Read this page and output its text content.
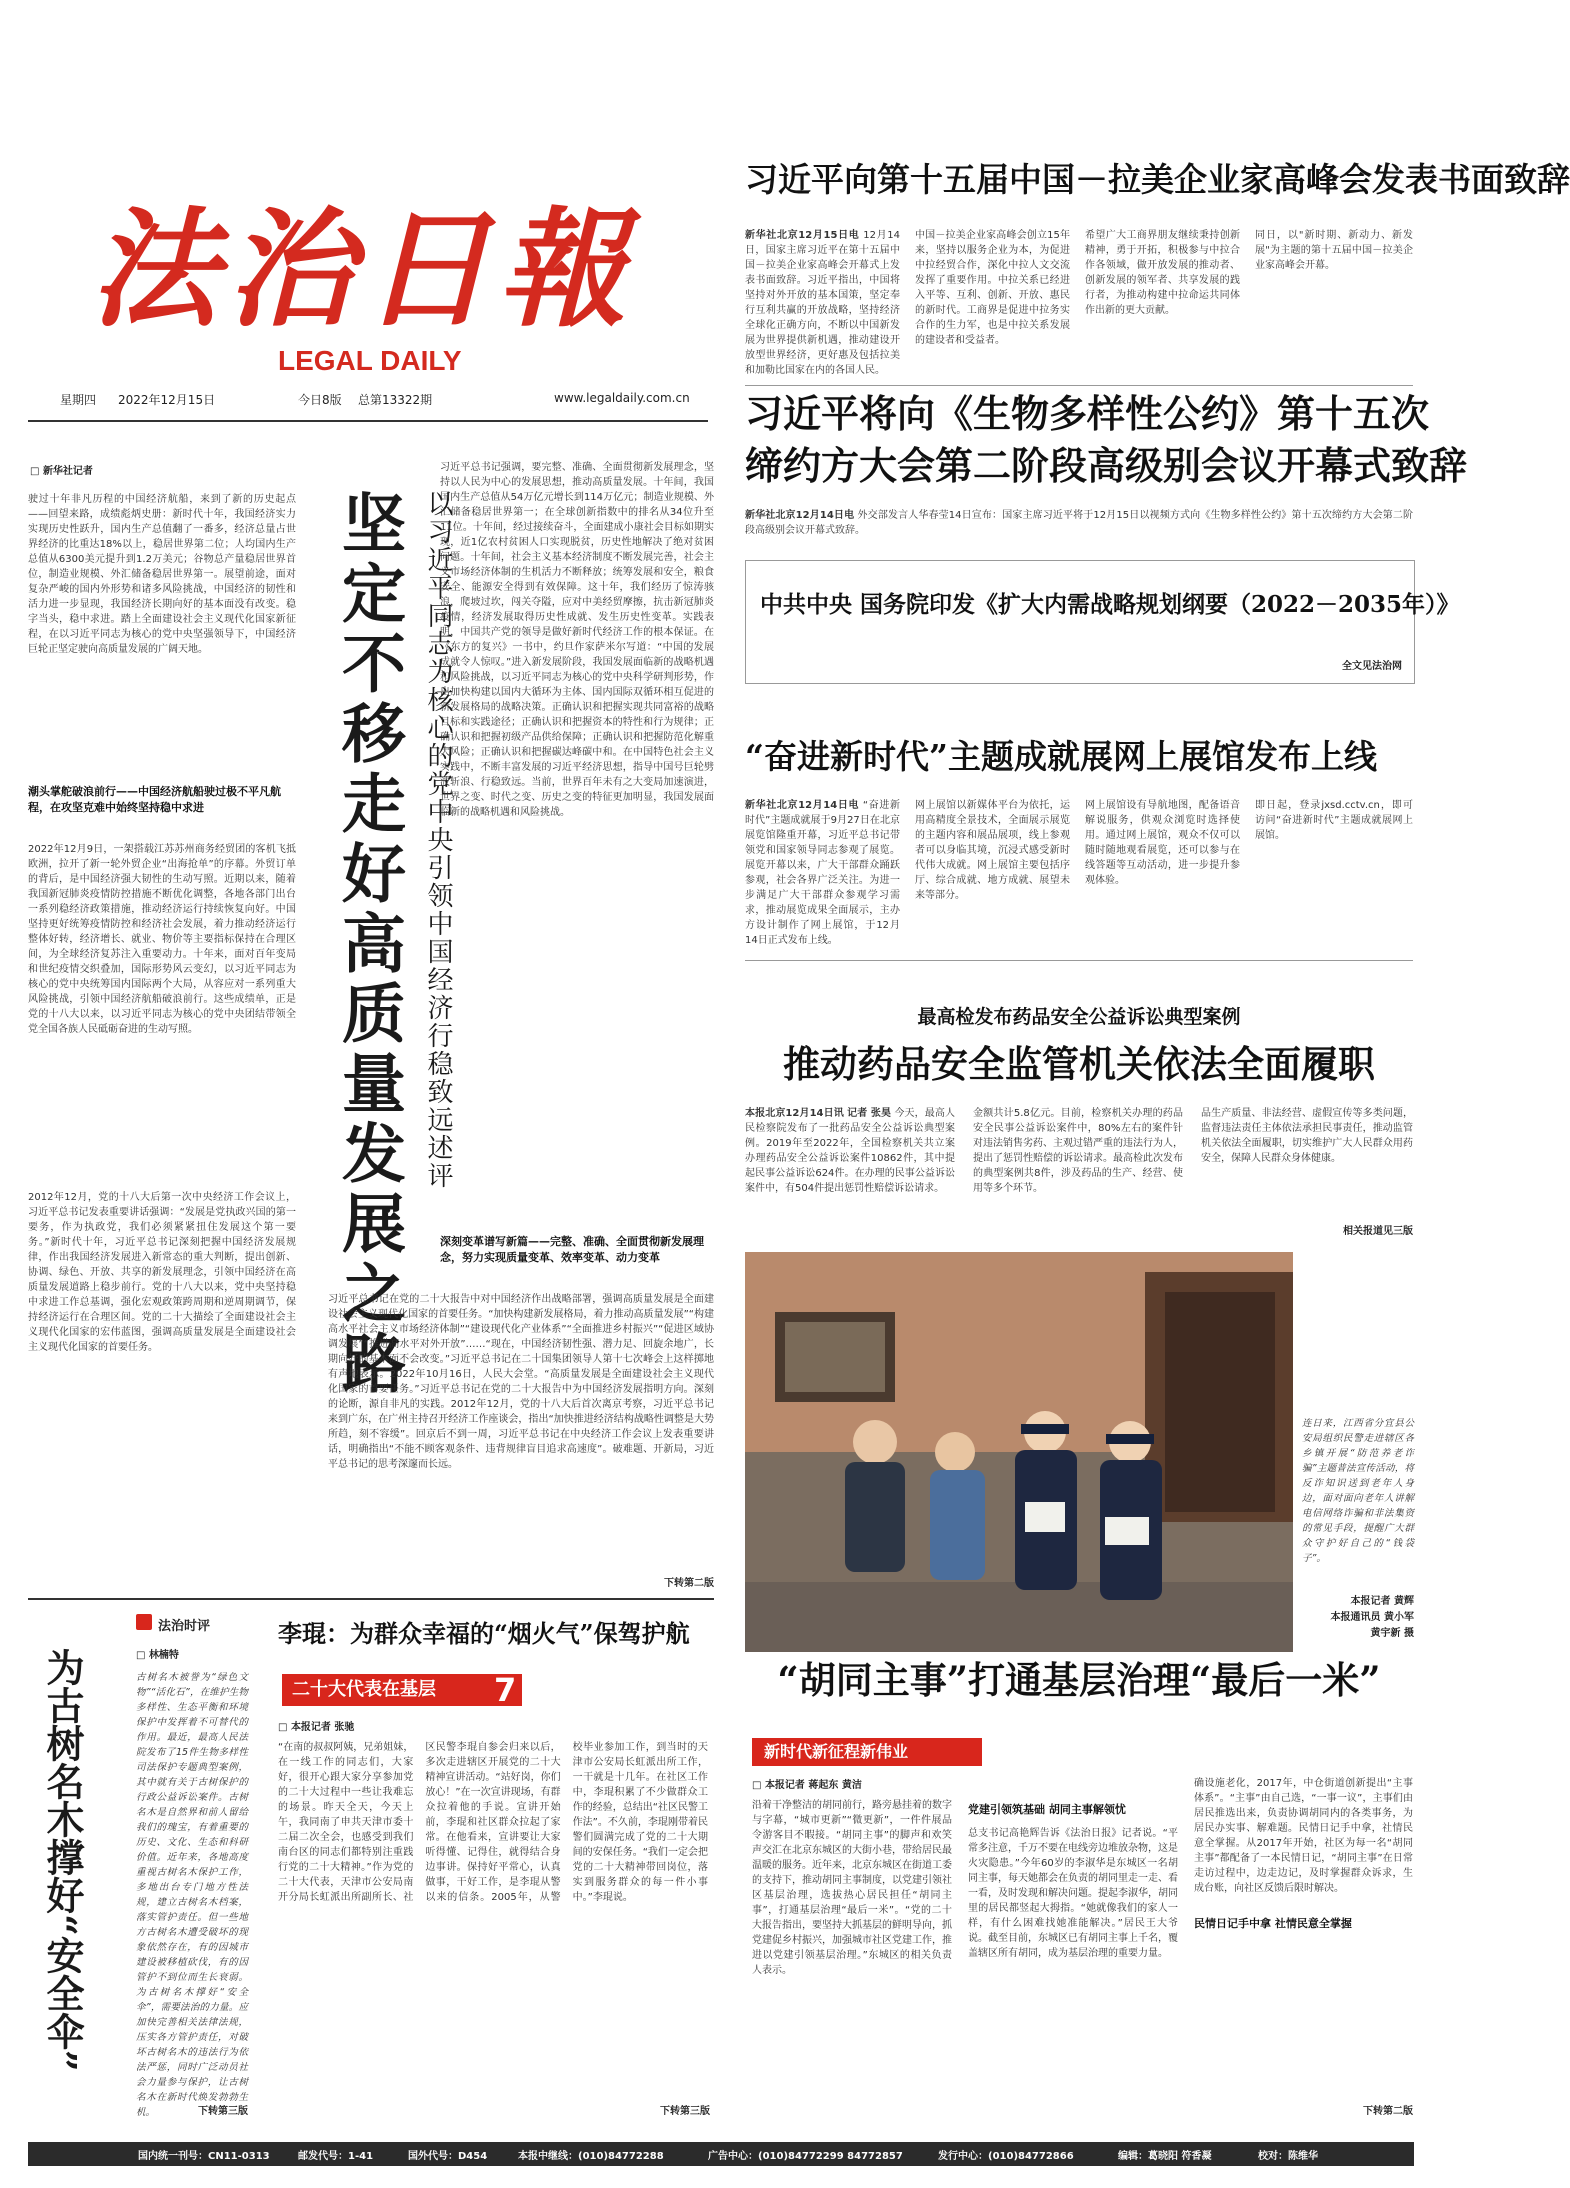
法治日報
LEGAL DAILY
星期四 2022年12月15日	今日8版 总第13322期	www.legaldaily.com.cn
习近平向第十五届中国－拉美企业家高峰会发表书面致辞
新华社北京12月15日电 12月14日，国家主席习近平在第十五届中国－拉美企业家高峰会开幕式上发表书面致辞。习近平指出，中国将坚持对外开放的基本国策，坚定奉行互利共赢的开放战略，坚持经济全球化正确方向，不断以中国新发展为世界提供新机遇，推动建设开放型世界经济，更好惠及包括拉美和加勒比国家在内的各国人民。
中国－拉美企业家高峰会创立15年来，坚持以服务企业为本，为促进中拉经贸合作，深化中拉人文交流发挥了重要作用。中拉关系已经进入平等、互利、创新、开放、惠民的新时代。工商界是促进中拉务实合作的生力军，也是中拉关系发展的建设者和受益者。
希望广大工商界朋友继续秉持创新精神，勇于开拓，积极参与中拉合作各领域，做开放发展的推动者、创新发展的领军者、共享发展的践行者，为推动构建中拉命运共同体作出新的更大贡献。
同日，以"新时期、新动力、新发展"为主题的第十五届中国－拉美企业家高峰会开幕。
习近平将向《生物多样性公约》第十五次
缔约方大会第二阶段高级别会议开幕式致辞
新华社北京12月14日电 外交部发言人华春莹14日宣布：国家主席习近平将于12月15日以视频方式向《生物多样性公约》第十五次缔约方大会第二阶段高级别会议开幕式致辞。
中共中央 国务院印发《扩大内需战略规划纲要（2022－2035年）》
全文见法治网
“奋进新时代”主题成就展网上展馆发布上线
新华社北京12月14日电 “奋进新时代”主题成就展于9月27日在北京展览馆隆重开幕，习近平总书记带领党和国家领导同志参观了展览。展览开幕以来，广大干部群众踊跃参观，社会各界广泛关注。为进一步满足广大干部群众参观学习需求，推动展览成果全面展示，主办方设计制作了网上展馆，于12月14日正式发布上线。
网上展馆以新媒体平台为依托，运用高精度全景技术，全面展示展览的主题内容和展品展项，线上参观者可以身临其境，沉浸式感受新时代伟大成就。网上展馆主要包括序厅、综合成就、地方成就、展望未来等部分。
网上展馆设有导航地图，配备语音解说服务，供观众浏览时选择使用。通过网上展馆，观众不仅可以随时随地观看展览，还可以参与在线答题等互动活动，进一步提升参观体验。
即日起，登录jxsd.cctv.cn，即可访问“奋进新时代”主题成就展网上展馆。
最高检发布药品安全公益诉讼典型案例
推动药品安全监管机关依法全面履职
本报北京12月14日讯 记者 张昊 今天，最高人民检察院发布了一批药品安全公益诉讼典型案例。2019年至2022年，全国检察机关共立案办理药品安全公益诉讼案件10862件，其中提起民事公益诉讼624件。在办理的民事公益诉讼案件中，有504件提出惩罚性赔偿诉讼请求。
金额共计5.8亿元。目前，检察机关办理的药品安全民事公益诉讼案件中，80%左右的案件针对违法销售劣药、主观过错严重的违法行为人，提出了惩罚性赔偿的诉讼请求。最高检此次发布的典型案例共8件，涉及药品的生产、经营、使用等多个环节。
品生产质量、非法经营、虚假宣传等多类问题，监督违法责任主体依法承担民事责任，推动监管机关依法全面履职，切实维护广大人民群众用药安全，保障人民群众身体健康。
相关报道见三版
连日来，江西省分宜县公安局组织民警走进辖区各乡镇开展“防范养老诈骗”主题普法宣传活动，将反诈知识送到老年人身边，面对面向老年人讲解电信网络诈骗和非法集资的常见手段，提醒广大群众守护好自己的“钱袋子”。
本报记者 黄辉
本报通讯员 黄小军
黄宇新 摄
□ 新华社记者
驶过十年非凡历程的中国经济航船，来到了新的历史起点——回望来路，成绩彪炳史册：新时代十年，我国经济实力实现历史性跃升，国内生产总值翻了一番多，经济总量占世界经济的比重达18%以上，稳居世界第二位；人均国内生产总值从6300美元提升到1.2万美元；谷物总产量稳居世界首位，制造业规模、外汇储备稳居世界第一。展望前途，面对复杂严峻的国内外形势和诸多风险挑战，中国经济的韧性和活力进一步显现，我国经济长期向好的基本面没有改变。稳字当头，稳中求进。踏上全面建设社会主义现代化国家新征程，在以习近平同志为核心的党中央坚强领导下，中国经济巨轮正坚定驶向高质量发展的广阔天地。
潮头掌舵破浪前行——中国经济航船驶过极不平凡航程，在攻坚克难中始终坚持稳中求进
2022年12月9日，一架搭载江苏苏州商务经贸团的客机飞抵欧洲，拉开了新一轮外贸企业“出海抢单”的序幕。外贸订单的背后，是中国经济强大韧性的生动写照。近期以来，随着我国新冠肺炎疫情防控措施不断优化调整，各地各部门出台一系列稳经济政策措施，推动经济运行持续恢复向好。中国坚持更好统筹疫情防控和经济社会发展，着力推动经济运行整体好转，经济增长、就业、物价等主要指标保持在合理区间，为全球经济复苏注入重要动力。十年来，面对百年变局和世纪疫情交织叠加，国际形势风云变幻，以习近平同志为核心的党中央统筹国内国际两个大局，从容应对一系列重大风险挑战，引领中国经济航船破浪前行。这些成绩单，正是党的十八大以来，以习近平同志为核心的党中央团结带领全党全国各族人民砥砺奋进的生动写照。
2012年12月，党的十八大后第一次中央经济工作会议上，习近平总书记发表重要讲话强调：“发展是党执政兴国的第一要务，作为执政党，我们必须紧紧扭住发展这个第一要务。”新时代十年，习近平总书记深刻把握中国经济发展规律，作出我国经济发展进入新常态的重大判断，提出创新、协调、绿色、开放、共享的新发展理念，引领中国经济在高质量发展道路上稳步前行。党的十八大以来，党中央坚持稳中求进工作总基调，强化宏观政策跨周期和逆周期调节，保持经济运行在合理区间。党的二十大描绘了全面建设社会主义现代化国家的宏伟蓝图，强调高质量发展是全面建设社会主义现代化国家的首要任务。	坚定不移走好高质量发展之路 以习近平同志为核心的党中央引领中国经济行稳致远述评
习近平总书记强调，要完整、准确、全面贯彻新发展理念，坚持以人民为中心的发展思想，推动高质量发展。十年间，我国国内生产总值从54万亿元增长到114万亿元；制造业规模、外汇储备稳居世界第一；在全球创新指数中的排名从34位升至11位。十年间，经过接续奋斗，全面建成小康社会目标如期实现，近1亿农村贫困人口实现脱贫，历史性地解决了绝对贫困问题。十年间，社会主义基本经济制度不断发展完善，社会主义市场经济体制的生机活力不断释放；统筹发展和安全，粮食安全、能源安全得到有效保障。这十年，我们经历了惊涛骇浪，爬坡过坎，闯关夺隘，应对中美经贸摩擦，抗击新冠肺炎疫情，经济发展取得历史性成就、发生历史性变革。实践表明，中国共产党的领导是做好新时代经济工作的根本保证。在《东方的复兴》一书中，约旦作家萨米尔写道：“中国的发展成就令人惊叹。”进入新发展阶段，我国发展面临新的战略机遇和风险挑战，以习近平同志为核心的党中央科学研判形势，作出加快构建以国内大循环为主体、国内国际双循环相互促进的新发展格局的战略决策。正确认识和把握实现共同富裕的战略目标和实践途径；正确认识和把握资本的特性和行为规律；正确认识和把握初级产品供给保障；正确认识和把握防范化解重大风险；正确认识和把握碳达峰碳中和。在中国特色社会主义实践中，不断丰富发展的习近平经济思想，指导中国号巨轮劈波斩浪、行稳致远。当前，世界百年未有之大变局加速演进，世界之变、时代之变、历史之变的特征更加明显，我国发展面临新的战略机遇和风险挑战。
深刻变革谱写新篇——完整、准确、全面贯彻新发展理念，努力实现质量变革、效率变革、动力变革
习近平总书记在党的二十大报告中对中国经济作出战略部署，强调高质量发展是全面建设社会主义现代化国家的首要任务。“加快构建新发展格局，着力推动高质量发展”“构建高水平社会主义市场经济体制”“建设现代化产业体系”“全面推进乡村振兴”“促进区域协调发展”“推进高水平对外开放”……“现在，中国经济韧性强、潜力足、回旋余地广，长期向好的基本面不会改变。”习近平总书记在二十国集团领导人第十七次峰会上这样掷地有声地表示。2022年10月16日，人民大会堂。“高质量发展是全面建设社会主义现代化国家的首要任务。”习近平总书记在党的二十大报告中为中国经济发展指明方向。深刻的论断，源自非凡的实践。2012年12月，党的十八大后首次离京考察，习近平总书记来到广东，在广州主持召开经济工作座谈会，指出“加快推进经济结构战略性调整是大势所趋，刻不容缓”。回京后不到一周，习近平总书记在中央经济工作会议上发表重要讲话，明确指出“不能不顾客观条件、违背规律盲目追求高速度”。破难题、开新局，习近平总书记的思考深邃而长远。
下转第二版
法治时评
为古树名木撑好“安全伞”	□ 林楠特
古树名木被誉为“绿色文物”“活化石”，在维护生物多样性、生态平衡和环境保护中发挥着不可替代的作用。最近，最高人民法院发布了15件生物多样性司法保护专题典型案例，其中就有关于古树保护的行政公益诉讼案件。古树名木是自然界和前人留给我们的瑰宝，有着重要的历史、文化、生态和科研价值。近年来，各地高度重视古树名木保护工作，多地出台专门地方性法规，建立古树名木档案，落实管护责任。但一些地方古树名木遭受破坏的现象依然存在，有的因城市建设被移植砍伐，有的因管护不到位而生长衰弱。为古树名木撑好“安全伞”，需要法治的力量。应加快完善相关法律法规，压实各方管护责任，对破坏古树名木的违法行为依法严惩，同时广泛动员社会力量参与保护，让古树名木在新时代焕发勃勃生机。	下转第三版
李琨：为群众幸福的“烟火气”保驾护航
二十大代表在基层 7
□ 本报记者 张驰
“在南的叔叔阿姨，兄弟姐妹，在一线工作的同志们，大家好，很开心跟大家分享参加党的二十大过程中一些让我难忘的场景。昨天全天，今天上午，我同南了申共天津市委十二届二次全会，也感受到我们南台区的同志们都特别注重践行党的二十大精神。”作为党的二十大代表，天津市公安局南开分局长虹派出所副所长、社区民警李琨自参会归来以后，多次走进辖区开展党的二十大精神宣讲活动。“站好岗，你们放心！”在一次宣讲现场，有群众拉着他的手说。宣讲开始前，李琨和社区群众拉起了家常。在他看来，宣讲要让大家听得懂、记得住，就得结合身边事讲。保持好平常心，认真做事，干好工作，是李琨从警以来的信条。2005年，从警校毕业参加工作，到当时的天津市公安局长虹派出所工作，一干就是十几年。在社区工作中，李琨积累了不少做群众工作的经验，总结出“社区民警工作法”。不久前，李琨刚带着民警们圆满完成了党的二十大期间的安保任务。“我们一定会把党的二十大精神带回岗位，落实到服务群众的每一件小事中。”李琨说。
下转第三版
“胡同主事”打通基层治理“最后一米”
新时代新征程新伟业
□ 本报记者 蒋起东 黄洁
沿着干净整洁的胡同前行，路旁悬挂着的数字与字幕，“城市更新”“微更新”，一件件展品令游客目不暇接。“胡同主事”的脚声和欢笑声交汇在北京东城区的大街小巷，带给居民最温暖的服务。近年来，北京东城区在街道工委的支持下，推动胡同主事制度，以党建引领社区基层治理，选拔热心居民担任“胡同主事”，打通基层治理“最后一米”。“党的二十大报告指出，要坚持大抓基层的鲜明导向，抓党建促乡村振兴，加强城市社区党建工作，推进以党建引领基层治理。”东城区的相关负责人表示。
党建引领筑基础 胡同主事解领忧
总支书记高艳辉告诉《法治日报》记者说。“平常多注意，千万不要在电线旁边堆放杂物，这是火灾隐患。”今年60岁的李淑华是东城区一名胡同主事，每天她都会在负责的胡同里走一走、看一看，及时发现和解决问题。提起李淑华，胡同里的居民都竖起大拇指。“她就像我们的家人一样，有什么困难找她准能解决。”居民王大爷说。截至目前，东城区已有胡同主事上千名，覆盖辖区所有胡同，成为基层治理的重要力量。
确设施老化，2017年，中仓街道创新提出“主事体系”。“主事”由自己选，“一事一议”，主事们由居民推选出来，负责协调胡同内的各类事务，为居民办实事、解难题。民情日记手中拿，社情民意全掌握。从2017年开始，社区为每一名“胡同主事”都配备了一本民情日记，“胡同主事”在日常走访过程中，边走边记，及时掌握群众诉求，生成台账，向社区反馈后限时解决。
民情日记手中拿 社情民意全掌握
下转第二版
国内统一刊号：CN11-0313	邮发代号：1-41	国外代号：D454	本报中继线：(010)84772288	广告中心：(010)84772299 84772857	发行中心：(010)84772866	编辑：葛晓阳 符香凝	校对：陈维华
